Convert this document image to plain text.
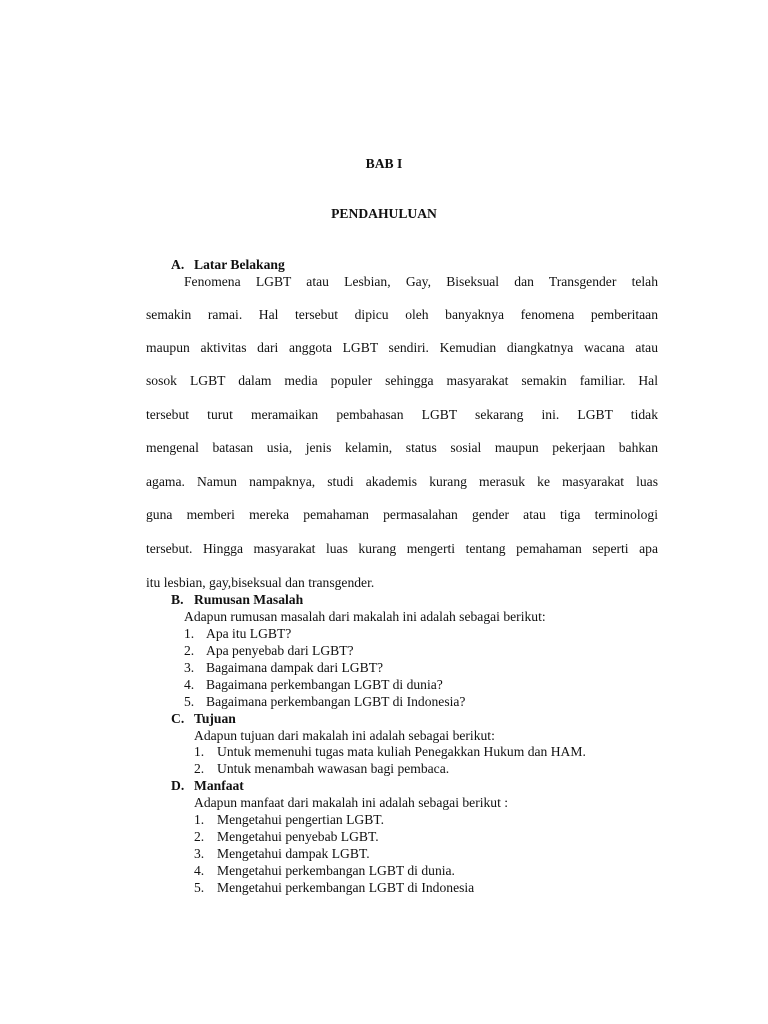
BAB I
PENDAHULUAN
A. Latar Belakang
Fenomena LGBT atau Lesbian, Gay, Biseksual dan Transgender telah
semakin ramai. Hal tersebut dipicu oleh banyaknya fenomena pemberitaan
maupun aktivitas dari anggota LGBT sendiri. Kemudian diangkatnya wacana atau
sosok LGBT dalam media populer sehingga masyarakat semakin familiar. Hal
tersebut turut meramaikan pembahasan LGBT sekarang ini. LGBT tidak
mengenal batasan usia, jenis kelamin, status sosial maupun pekerjaan bahkan
agama. Namun nampaknya, studi akademis kurang merasuk ke masyarakat luas
guna memberi mereka pemahaman permasalahan gender atau tiga terminologi
tersebut. Hingga masyarakat luas kurang mengerti tentang pemahaman seperti apa
itu lesbian, gay,biseksual dan transgender.
B. Rumusan Masalah
Adapun rumusan masalah dari makalah ini adalah sebagai berikut:
1. Apa itu LGBT?
2. Apa penyebab dari LGBT?
3. Bagaimana dampak dari LGBT?
4. Bagaimana perkembangan LGBT di dunia?
5. Bagaimana perkembangan LGBT di Indonesia?
C. Tujuan
Adapun tujuan dari makalah ini adalah sebagai berikut:
1. Untuk memenuhi tugas mata kuliah Penegakkan Hukum dan HAM.
2. Untuk menambah wawasan bagi pembaca.
D. Manfaat
Adapun manfaat dari makalah ini adalah sebagai berikut :
1. Mengetahui pengertian LGBT.
2. Mengetahui penyebab LGBT.
3. Mengetahui dampak LGBT.
4. Mengetahui perkembangan LGBT di dunia.
5. Mengetahui perkembangan LGBT di Indonesia
